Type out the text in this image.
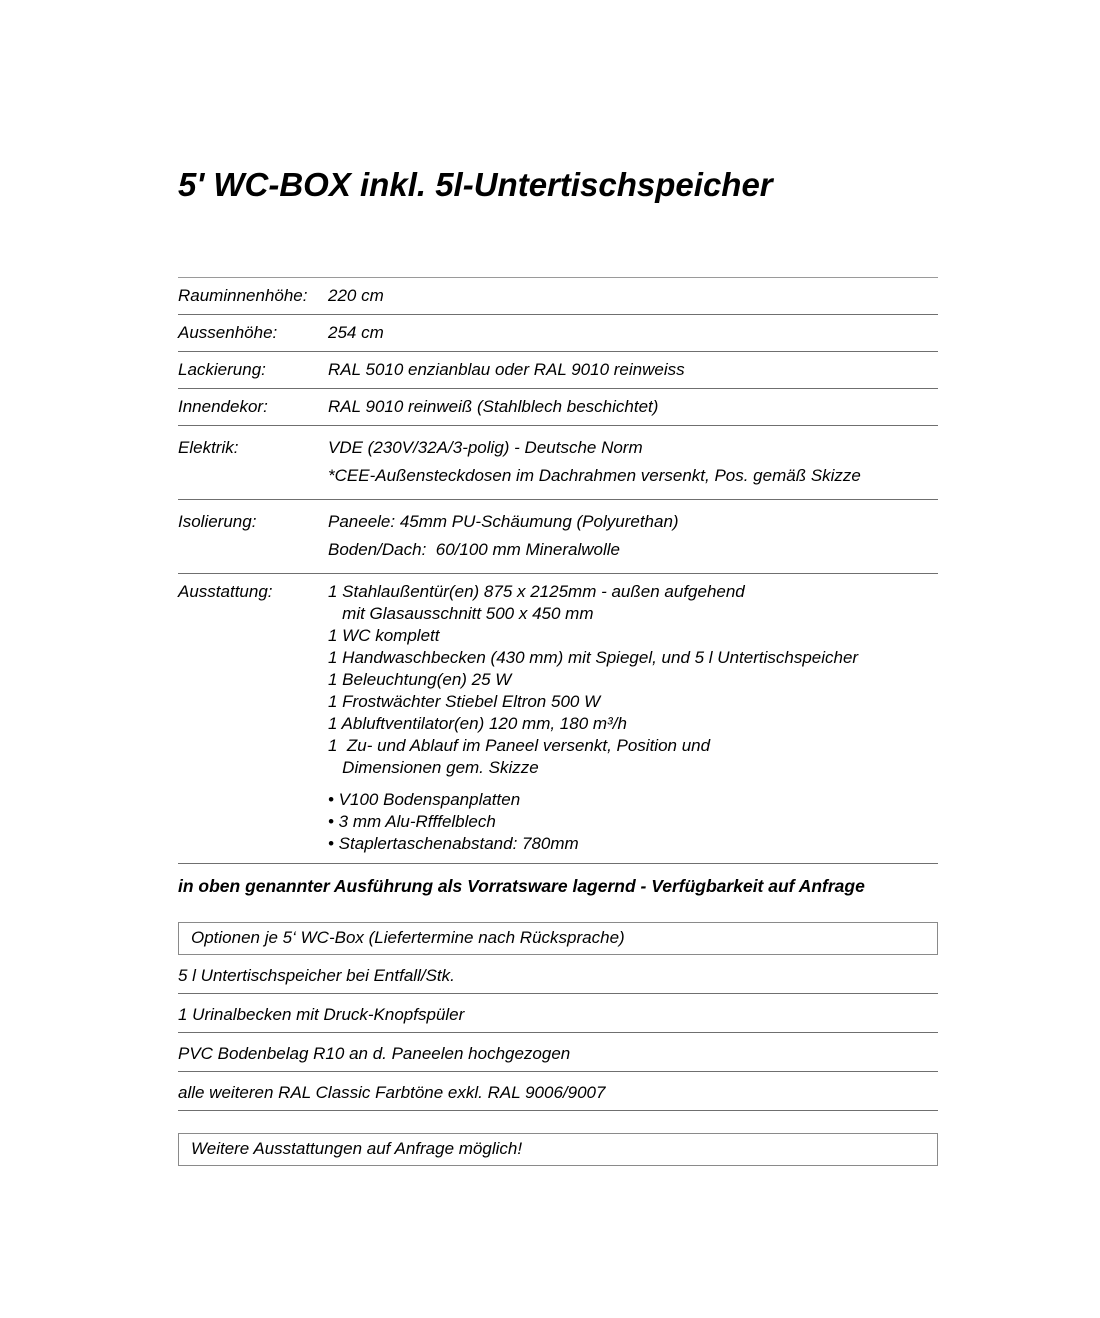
5' WC-BOX inkl. 5l-Untertischspeicher
Rauminnenhöhe:	220 cm
Aussenhöhe:	254 cm
Lackierung:	RAL 5010 enzianblau oder RAL 9010 reinweiss
Innendekor:	RAL 9010 reinweiß (Stahlblech beschichtet)
Elektrik:	VDE (230V/32A/3-polig) - Deutsche Norm
*CEE-Außensteckdosen im Dachrahmen versenkt, Pos. gemäß Skizze
Isolierung:	Paneele: 45mm PU-Schäumung (Polyurethan)
Boden/Dach:  60/100 mm Mineralwolle
Ausstattung:	1 Stahlaußentür(en) 875 x 2125mm - außen aufgehend
mit Glasausschnitt 500 x 450 mm
1 WC komplett
1 Handwaschbecken (430 mm) mit Spiegel, und 5 l Untertischspeicher
1 Beleuchtung(en) 25 W
1 Frostwächter Stiebel Eltron 500 W
1 Abluftventilator(en) 120 mm, 180 m³/h
1  Zu- und Ablauf im Paneel versenkt, Position und
Dimensionen gem. Skizze
• V100 Bodenspanplatten
• 3 mm Alu-Rfffelblech
• Staplertaschenabstand: 780mm
in oben genannter Ausführung als Vorratsware lagernd - Verfügbarkeit auf Anfrage
Optionen je 5‘ WC-Box (Liefertermine nach Rücksprache)
5 l Untertischspeicher bei Entfall/Stk.
1 Urinalbecken mit Druck-Knopfspüler
PVC Bodenbelag R10 an d. Paneelen hochgezogen
alle weiteren RAL Classic Farbtöne exkl. RAL 9006/9007
Weitere Ausstattungen auf Anfrage möglich!
